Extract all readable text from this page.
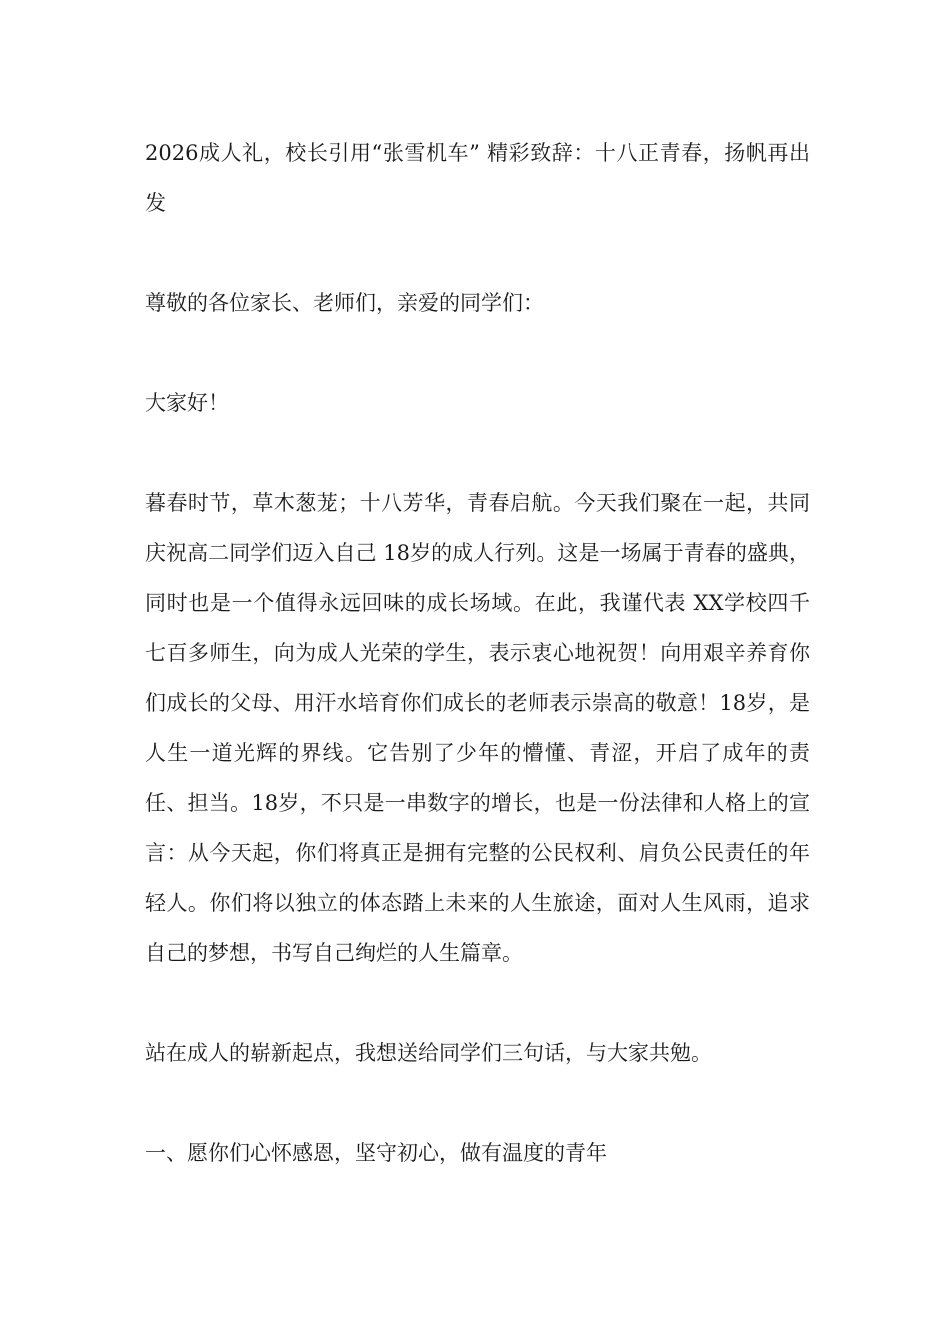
2026成人礼，校长引用“张雪机车” 精彩致辞：十八正青春，扬帆再出发

尊敬的各位家长、老师们，亲爱的同学们：

大家好！

暮春时节，草木葱茏；十八芳华，青春启航。今天我们聚在一起，共同庆祝高二同学们迈入自己 18岁的成人行列。这是一场属于青春的盛典，同时也是一个值得永远回味的成长场域。在此，我谨代表 XX学校四千七百多师生，向为成人光荣的学生，表示衷心地祝贺！向用艰辛养育你们成长的父母、用汗水培育你们成长的老师表示崇高的敬意！18岁，是人生一道光辉的界线。它告别了少年的懵懂、青涩，开启了成年的责任、担当。18岁，不只是一串数字的增长，也是一份法律和人格上的宣言：从今天起，你们将真正是拥有完整的公民权利、肩负公民责任的年轻人。你们将以独立的体态踏上未来的人生旅途，面对人生风雨，追求自己的梦想，书写自己绚烂的人生篇章。

站在成人的崭新起点，我想送给同学们三句话，与大家共勉。

一、愿你们心怀感恩，坚守初心，做有温度的青年
